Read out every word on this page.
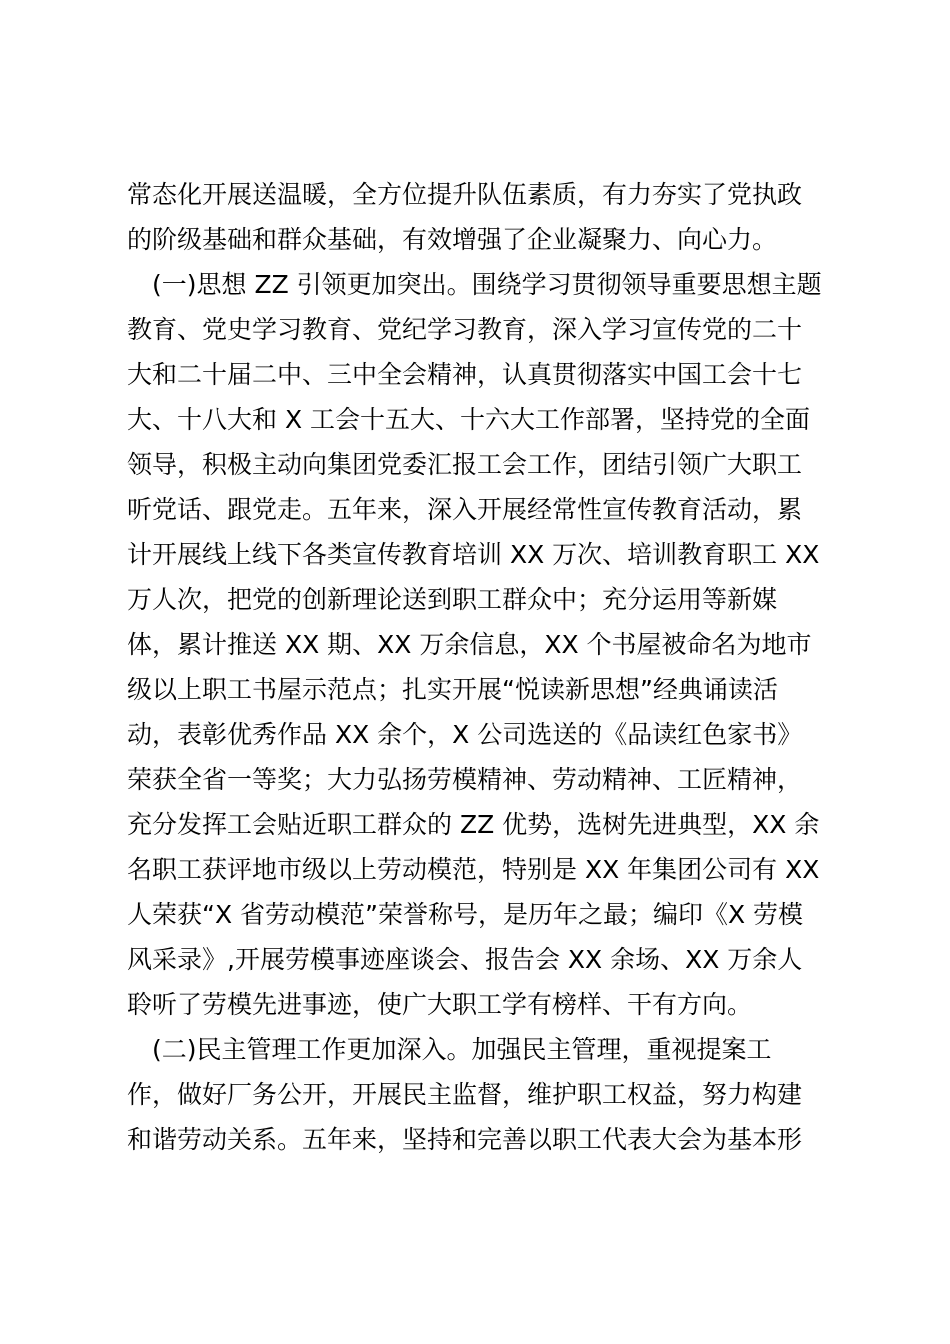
常态化开展送温暖，全方位提升队伍素质，有力夯实了党执政
的阶级基础和群众基础，有效增强了企业凝聚力、向心力。
　(一)思想 ZZ 引领更加突出。围绕学习贯彻领导重要思想主题
教育、党史学习教育、党纪学习教育，深入学习宣传党的二十
大和二十届二中、三中全会精神，认真贯彻落实中国工会十七
大、十八大和 X 工会十五大、十六大工作部署，坚持党的全面
领导，积极主动向集团党委汇报工会工作，团结引领广大职工
听党话、跟党走。五年来，深入开展经常性宣传教育活动，累
计开展线上线下各类宣传教育培训 XX 万次、培训教育职工 XX
万人次，把党的创新理论送到职工群众中；充分运用等新媒
体，累计推送 XX 期、XX 万余信息，XX 个书屋被命名为地市
级以上职工书屋示范点；扎实开展“悦读新思想”经典诵读活
动，表彰优秀作品 XX 余个，X 公司选送的《品读红色家书》
荣获全省一等奖；大力弘扬劳模精神、劳动精神、工匠精神，
充分发挥工会贴近职工群众的 ZZ 优势，选树先进典型，XX 余
名职工获评地市级以上劳动模范，特别是 XX 年集团公司有 XX
人荣获“X 省劳动模范”荣誉称号，是历年之最；编印《X 劳模
风采录》,开展劳模事迹座谈会、报告会 XX 余场、XX 万余人
聆听了劳模先进事迹，使广大职工学有榜样、干有方向。
　(二)民主管理工作更加深入。加强民主管理，重视提案工
作，做好厂务公开，开展民主监督，维护职工权益，努力构建
和谐劳动关系。五年来，坚持和完善以职工代表大会为基本形
